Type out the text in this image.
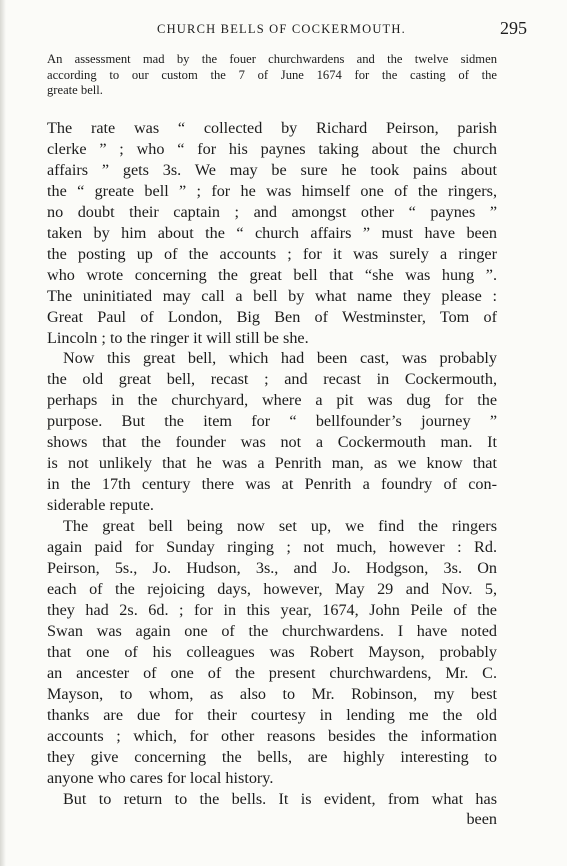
CHURCH BELLS OF COCKERMOUTH.	295
An assessment mad by the fouer churchwardens and the twelve sidmen
according to our custom the 7 of June 1674 for the casting of the
greate bell.
The rate was “ collected by Richard Peirson, parish
clerke ” ; who “ for his paynes taking about the church
affairs ” gets 3s. We may be sure he took pains about
the “ greate bell ” ; for he was himself one of the ringers,
no doubt their captain ; and amongst other “ paynes ”
taken by him about the “ church affairs ” must have been
the posting up of the accounts ; for it was surely a ringer
who wrote concerning the great bell that “she was hung ”.
The uninitiated may call a bell by what name they please :
Great Paul of London, Big Ben of Westminster, Tom of
Lincoln ; to the ringer it will still be she.
Now this great bell, which had been cast, was probably
the old great bell, recast ; and recast in Cockermouth,
perhaps in the churchyard, where a pit was dug for the
purpose. But the item for “ bellfounder’s journey ”
shows that the founder was not a Cockermouth man. It
is not unlikely that he was a Penrith man, as we know that
in the 17th century there was at Penrith a foundry of con-
siderable repute.
The great bell being now set up, we find the ringers
again paid for Sunday ringing ; not much, however : Rd.
Peirson, 5s., Jo. Hudson, 3s., and Jo. Hodgson, 3s. On
each of the rejoicing days, however, May 29 and Nov. 5,
they had 2s. 6d. ; for in this year, 1674, John Peile of the
Swan was again one of the churchwardens. I have noted
that one of his colleagues was Robert Mayson, probably
an ancester of one of the present churchwardens, Mr. C.
Mayson, to whom, as also to Mr. Robinson, my best
thanks are due for their courtesy in lending me the old
accounts ; which, for other reasons besides the information
they give concerning the bells, are highly interesting to
anyone who cares for local history.
But to return to the bells. It is evident, from what has
been
